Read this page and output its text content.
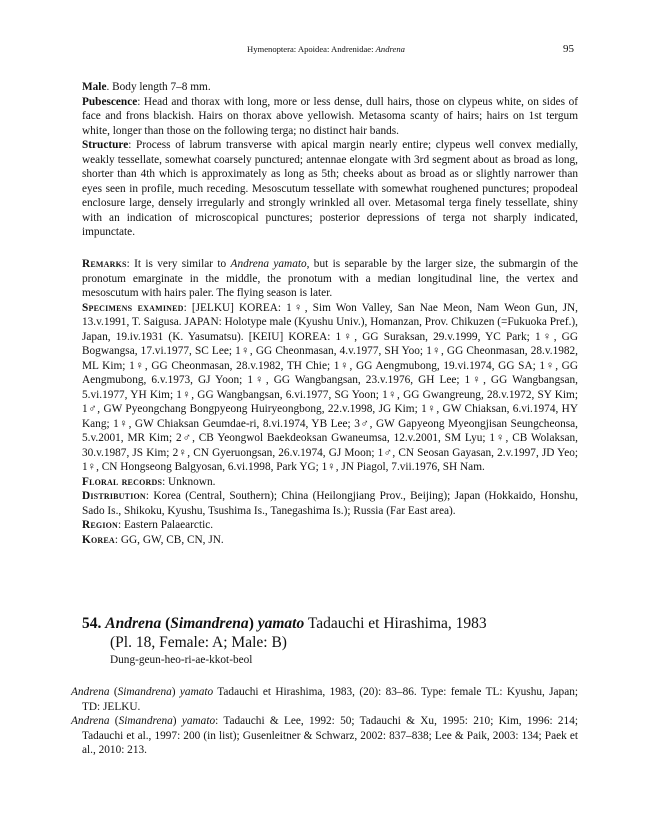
Hymenoptera: Apoidea: Andrenidae: Andrena	95

Male. Body length 7–8 mm.

Pubescence: Head and thorax with long, more or less dense, dull hairs, those on clypeus white, on sides of face and frons blackish. Hairs on thorax above yellowish. Metasoma scanty of hairs; hairs on 1st tergum white, longer than those on the following terga; no distinct hair bands.

Structure: Process of labrum transverse with apical margin nearly entire; clypeus well convex medially, weakly tessellate, somewhat coarsely punctured; antennae elongate with 3rd segment about as broad as long, shorter than 4th which is approximately as long as 5th; cheeks about as broad as or slightly narrower than eyes seen in profile, much receding. Mesoscutum tessellate with somewhat roughened punctures; propodeal enclosure large, densely irregularly and strongly wrinkled all over. Metasomal terga finely tessellate, shiny with an indication of microscopical punctures; posterior depressions of terga not sharply indicated, impunctate.

Remarks: It is very similar to Andrena yamato, but is separable by the larger size, the submargin of the pronotum emarginate in the middle, the pronotum with a median longitudinal line, the vertex and mesoscutum with hairs paler. The flying season is later.

Specimens examined: [JELKU] KOREA: 1♀, Sim Won Valley, San Nae Meon, Nam Weon Gun, JN, 13.v.1991, T. Saigusa. JAPAN: Holotype male (Kyushu Univ.), Homanzan, Prov. Chikuzen (=Fukuoka Pref.), Japan, 19.iv.1931 (K. Yasumatsu). [KEIU] KOREA: 1♀, GG Suraksan, 29.v.1999, YC Park; 1♀, GG Bogwangsa, 17.vi.1977, SC Lee; 1♀, GG Cheonmasan, 4.v.1977, SH Yoo; 1♀, GG Cheonmasan, 28.v.1982, ML Kim; 1♀, GG Cheonmasan, 28.v.1982, TH Chie; 1♀, GG Aengmubong, 19.vi.1974, GG SA; 1♀, GG Aengmubong, 6.v.1973, GJ Yoon; 1♀, GG Wangbangsan, 23.v.1976, GH Lee; 1♀, GG Wangbangsan, 5.vi.1977, YH Kim; 1♀, GG Wangbangsan, 6.vi.1977, SG Yoon; 1♀, GG Gwangreung, 28.v.1972, SY Kim; 1♂, GW Pyeongchang Bongpyeong Huiryeongbong, 22.v.1998, JG Kim; 1♀, GW Chiaksan, 6.vi.1974, HY Kang; 1♀, GW Chiaksan Geumdae-ri, 8.vi.1974, YB Lee; 3♂, GW Gapyeong Myeongjisan Seungcheonsa, 5.v.2001, MR Kim; 2♂, CB Yeongwol Baekdeoksan Gwaneumsa, 12.v.2001, SM Lyu; 1♀, CB Wolaksan, 30.v.1987, JS Kim; 2♀, CN Gyeruongsan, 26.v.1974, GJ Moon; 1♂, CN Seosan Gayasan, 2.v.1997, JD Yeo; 1♀, CN Hongseong Balgyosan, 6.vi.1998, Park YG; 1♀, JN Piagol, 7.vii.1976, SH Nam.

Floral records: Unknown.

Distribution: Korea (Central, Southern); China (Heilongjiang Prov., Beijing); Japan (Hokkaido, Honshu, Sado Is., Shikoku, Kyushu, Tsushima Is., Tanegashima Is.); Russia (Far East area).

Region: Eastern Palaearctic.

Korea: GG, GW, CB, CN, JN.

54. Andrena (Simandrena) yamato Tadauchi et Hirashima, 1983
(Pl. 18, Female: A; Male: B)
Dung-geun-heo-ri-ae-kkot-beol
Andrena (Simandrena) yamato Tadauchi et Hirashima, 1983, (20): 83–86. Type: female TL: Kyushu, Japan; TD: JELKU.
Andrena (Simandrena) yamato: Tadauchi & Lee, 1992: 50; Tadauchi & Xu, 1995: 210; Kim, 1996: 214; Tadauchi et al., 1997: 200 (in list); Gusenleitner & Schwarz, 2002: 837–838; Lee & Paik, 2003: 134; Paek et al., 2010: 213.
